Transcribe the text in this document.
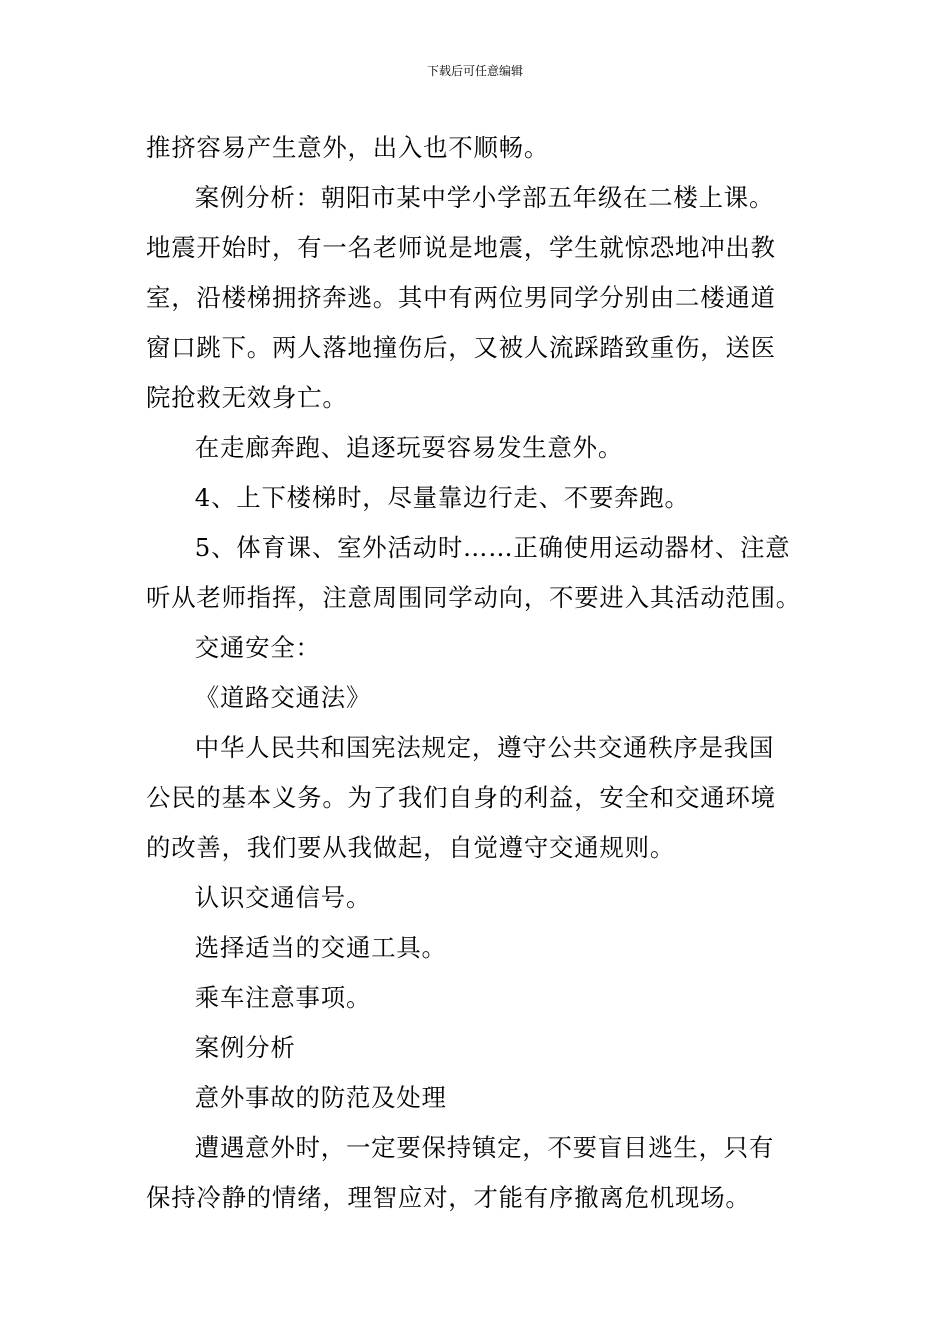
下载后可任意编辑

推挤容易产生意外，出入也不顺畅。

案例分析：朝阳市某中学小学部五年级在二楼上课。
地震开始时，有一名老师说是地震，学生就惊恐地冲出教
室，沿楼梯拥挤奔逃。其中有两位男同学分别由二楼通道
窗口跳下。两人落地撞伤后，又被人流踩踏致重伤，送医
院抢救无效身亡。

在走廊奔跑、追逐玩耍容易发生意外。

4、上下楼梯时，尽量靠边行走、不要奔跑。

5、体育课、室外活动时……正确使用运动器材、注意
听从老师指挥，注意周围同学动向，不要进入其活动范围。

交通安全：

《道路交通法》

中华人民共和国宪法规定，遵守公共交通秩序是我国
公民的基本义务。为了我们自身的利益，安全和交通环境
的改善，我们要从我做起，自觉遵守交通规则。

认识交通信号。

选择适当的交通工具。

乘车注意事项。

案例分析

意外事故的防范及处理

遭遇意外时，一定要保持镇定，不要盲目逃生，只有
保持冷静的情绪，理智应对，才能有序撤离危机现场。
